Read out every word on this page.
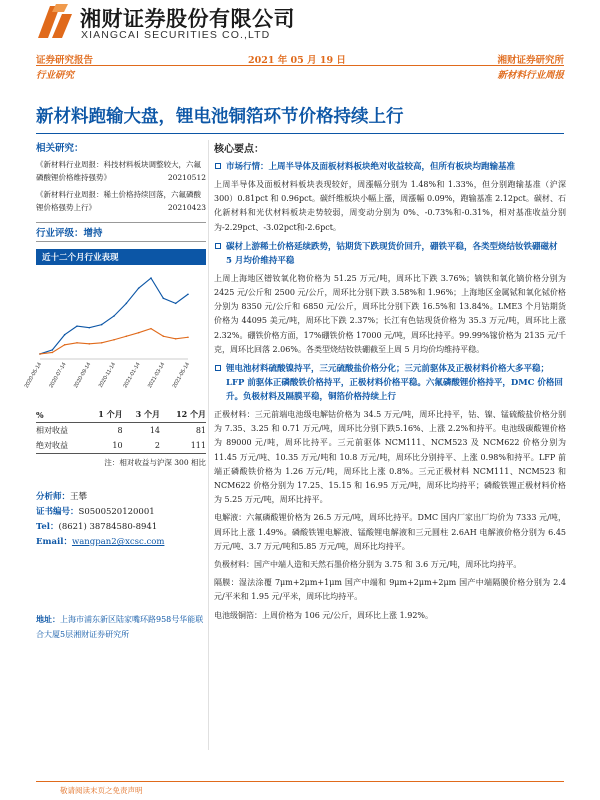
湘财证券股份有限公司
XIANGCAI SECURITIES CO.,LTD
证券研究报告	2021 年 05 月 19 日	湘财证券研究所
行业研究	新材料行业周报
新材料跑输大盘，锂电池铜箔环节价格持续上行
相关研究：
《新材料行业周报：科技材料板块调整较大，六氟磷酸锂价格维持强势》	20210512
《新材料行业周报：稀土价格持续回落，六氟磷酸锂价格强势上行》	20210423
行业评级：增持
近十二个月行业表现
2020-05-14 2020-07-14 2020-09-14 2020-11-14 2021-01-14 2021-03-14 2021-05-14
%	1 个月	3 个月	12 个月
相对收益	8	14	81
绝对收益	10	2	111
注：相对收益与沪深 300 相比
分析师：王攀
证书编号：S0500520120001
Tel：(8621) 38784580-8941
Email：wangpan2@xcsc.com
地址：上海市浦东新区陆家嘴环路958号华能联合大厦5层湘财证券研究所
核心要点：
市场行情：上周半导体及面板材料板块绝对收益较高，但所有板块均跑输基准
上周半导体及面板材料板块表现较好，周漲幅分别为 1.48%和 1.33%，但分别跑输基准（沪深 300）0.81pct 和 0.96pct。碳纤维板块小幅上漲，周漲幅 0.09%，跑输基准 2.12pct。碳材、石化新材料和光伏材料板块走势较弱，周变动分别为 0%、-0.73%和-0.31%，相对基准收益分别为-2.29pct、-3.02pct和-2.6pct。
碳材上游稀土价格延续跌势，钴期货下跌现货价回升，硼铁平稳，各类型烧结钕铁硼磁材 5 月均价维持平稳
上周上海地区镨钕氧化物价格为 51.25 万元/吨，周环比下跌 3.76%；镝铁和氧化镝价格分别为 2425 元/公斤和 2500 元/公斤，周环比分别下跌 3.58%和 1.96%；上海地区金属铽和氧化铽价格分别为 8350 元/公斤和 6850 元/公斤，周环比分别下跌 16.5%和 13.84%。LME3 个月钴期货价格为 44095 美元/吨，周环比下跌 2.37%；长江有色钴现货价格为 35.3 万元/吨，周环比上涨 2.32%。硼铁价格方面，17%硼铁价格 17000 元/吨，周环比持平。99.99%镓价格为 2135 元/千克，周环比回落 2.06%。各类型烧结钕铁硼截至上周 5 月均价均维持平稳。
锂电池材料硫酸镍持平，三元硫酸盐价格分化；三元前驱体及正极材料价格大多平稳；LFP 前驱体正磷酸铁价格持平，正极材料价格平稳。六氟磷酸锂价格持平，DMC 价格回升。负极材料及隔膜平稳，铜箔价格持续上行
正极材料：三元前端电池级电解钴价格为 34.5 万元/吨，周环比持平，钴、镍、锰硫酸盐价格分别为 7.35、3.25 和 0.71 万元/吨，周环比分别下跌5.16%、上涨 2.2%和持平。电池级碳酸锂价格为 89000 元/吨，周环比持平。三元前驱体 NCM111、NCM523 及 NCM622 价格分别为 11.45 万元/吨、10.35 万元/吨和 10.8 万元/吨，周环比分别持平、上涨 0.98%和持平。LFP 前端正磷酸铁价格为 1.26 万元/吨，周环比上涨 0.8%。三元正极材料 NCM111、NCM523 和 NCM622 价格分别为 17.25、15.15 和 16.95 万元/吨，周环比均持平；磷酸铁锂正极材料价格为 5.25 万元/吨，周环比持平。
电解液：六氟磷酸锂价格为 26.5 万元/吨，周环比持平。DMC 国内厂家出厂均价为 7333 元/吨，周环比上涨 1.49%。磷酸铁锂电解液、锰酸锂电解液和三元圆柱 2.6AH 电解液价格分别为 6.45 万元/吨、3.7 万元/吨和5.85 万元/吨，周环比均持平。
负极材料：国产中端人造和天然石墨价格分别为 3.75 和 3.6 万元/吨，周环比均持平。
隔膜：湿法涂覆 7μm+2μm+1μm 国产中端和 9μm+2μm+2μm 国产中端隔膜价格分别为 2.4 元/平米和 1.95 元/平米，周环比均持平。
电池级铜箔：上周价格为 106 元/公斤，周环比上涨 1.92%。
敬请阅读末页之免责声明
